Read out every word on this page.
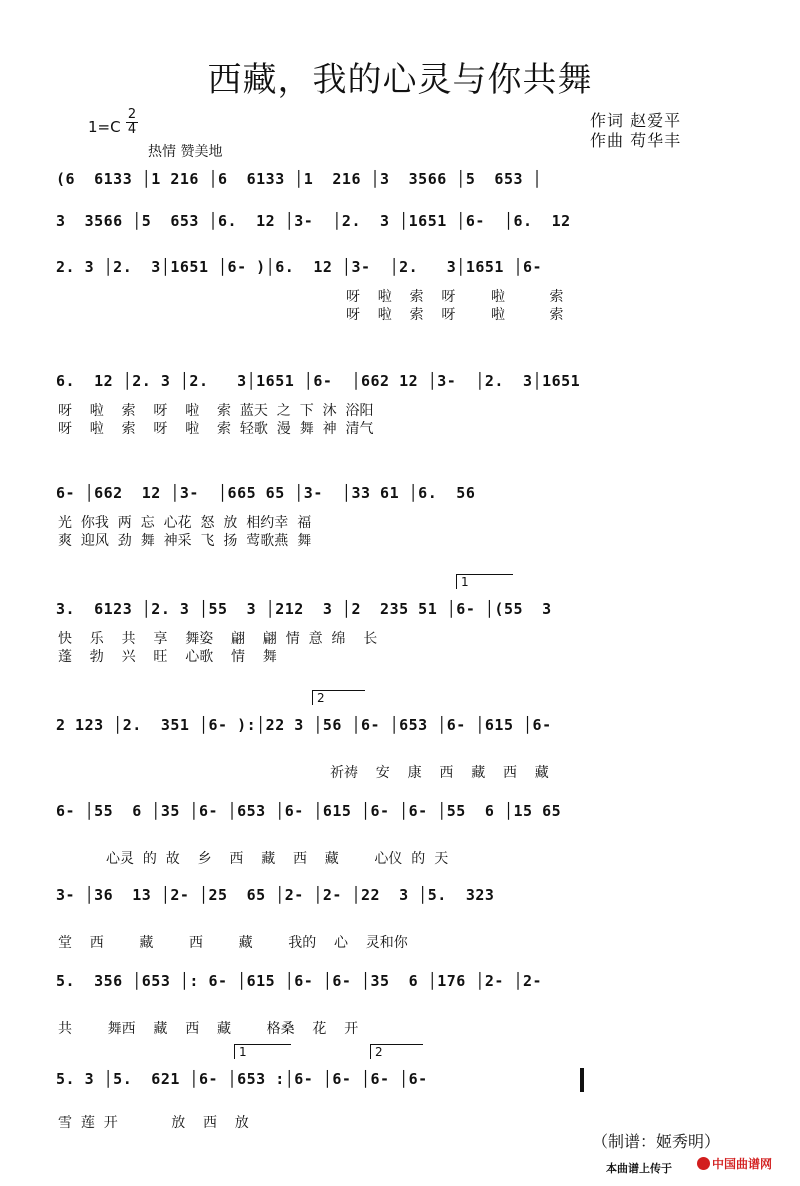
西藏，我的心灵与你共舞
1=C
2
4
热情 赞美地
作词 赵爱平
作曲 苟华丰
(6  6133 │1 216 │6  6133 │1  216 │3  3566 │5  653 │
3  3566 │5  653 │6.  12 │3-  │2.  3 │1651 │6-  │6.  12
2. 3 │2.  3│1651 │6- )│6.  12 │3-  │2.   3│1651 │6-
呀    啦    索    呀        啦          索
呀    啦    索    呀        啦          索
6.  12 │2. 3 │2.   3│1651 │6-  │662 12 │3-  │2.  3│1651
呀    啦    索    呀    啦    索  蓝天  之  下  沐  浴阳
呀    啦    索    呀    啦    索  轻歌  漫  舞  神  清气
6- │662  12 │3-  │665 65 │3-  │33 61 │6.  56
光  你我  两  忘  心花  怒  放  相约幸  福
爽  迎风  劲  舞  神采  飞  扬  莺歌燕  舞
1
3.  6123 │2. 3 │55  3 │212  3 │2  235 51 │6- │(55  3
快    乐    共    享    舞姿    翩    翩  情  意  绵    长
蓬    勃    兴    旺    心歌    情    舞
2
2 123 │2.  351 │6- ):│22 3 │56 │6- │653 │6- │615 │6-
祈祷    安    康    西    藏    西    藏
6- │55  6 │35 │6- │653 │6- │615 │6- │6- │55  6 │15 65
心灵  的  故    乡    西    藏    西    藏        心仪  的  天
3- │36  13 │2- │25  65 │2- │2- │22  3 │5.  323
堂    西        藏        西        藏        我的    心    灵和你
5.  356 │653 │: 6- │615 │6- │6- │35  6 │176 │2- │2-
共        舞西    藏    西    藏        格桑    花    开
1	2
5. 3 │5.  621 │6- │653 :│6- │6- │6- │6-
雪  莲  开            放    西    放
（制谱：姬秀明）
本曲谱上传于	中国曲谱网
